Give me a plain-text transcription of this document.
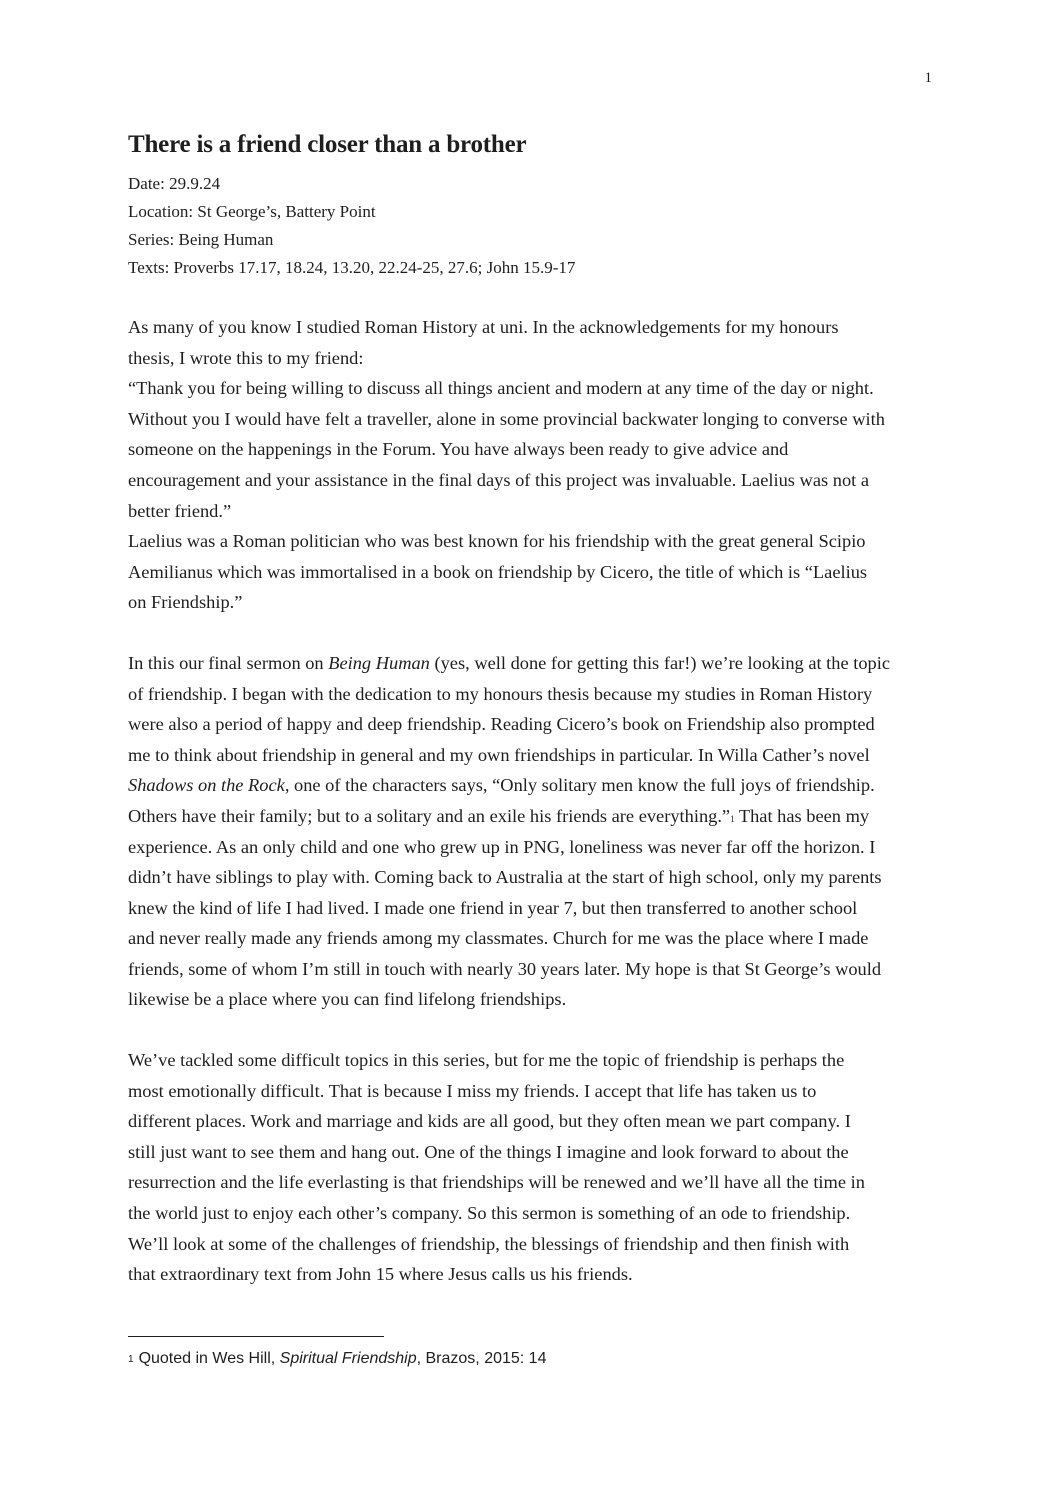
1
There is a friend closer than a brother
Date: 29.9.24
Location: St George’s, Battery Point
Series: Being Human
Texts: Proverbs 17.17, 18.24, 13.20, 22.24-25, 27.6; John 15.9-17
As many of you know I studied Roman History at uni. In the acknowledgements for my honours
thesis, I wrote this to my friend:
“Thank you for being willing to discuss all things ancient and modern at any time of the day or night.
Without you I would have felt a traveller, alone in some provincial backwater longing to converse with
someone on the happenings in the Forum. You have always been ready to give advice and
encouragement and your assistance in the final days of this project was invaluable. Laelius was not a
better friend.”
Laelius was a Roman politician who was best known for his friendship with the great general Scipio
Aemilianus which was immortalised in a book on friendship by Cicero, the title of which is “Laelius
on Friendship.”
In this our final sermon on Being Human (yes, well done for getting this far!) we’re looking at the topic
of friendship. I began with the dedication to my honours thesis because my studies in Roman History
were also a period of happy and deep friendship. Reading Cicero’s book on Friendship also prompted
me to think about friendship in general and my own friendships in particular. In Willa Cather’s novel
Shadows on the Rock, one of the characters says, “Only solitary men know the full joys of friendship.
Others have their family; but to a solitary and an exile his friends are everything.”$^1$ That has been my
experience. As an only child and one who grew up in PNG, loneliness was never far off the horizon. I
didn’t have siblings to play with. Coming back to Australia at the start of high school, only my parents
knew the kind of life I had lived. I made one friend in year 7, but then transferred to another school
and never really made any friends among my classmates. Church for me was the place where I made
friends, some of whom I’m still in touch with nearly 30 years later. My hope is that St George’s would
likewise be a place where you can find lifelong friendships.
We’ve tackled some difficult topics in this series, but for me the topic of friendship is perhaps the
most emotionally difficult. That is because I miss my friends. I accept that life has taken us to
different places. Work and marriage and kids are all good, but they often mean we part company. I
still just want to see them and hang out. One of the things I imagine and look forward to about the
resurrection and the life everlasting is that friendships will be renewed and we’ll have all the time in
the world just to enjoy each other’s company. So this sermon is something of an ode to friendship.
We’ll look at some of the challenges of friendship, the blessings of friendship and then finish with
that extraordinary text from John 15 where Jesus calls us his friends.
$^1$ Quoted in Wes Hill, Spiritual Friendship, Brazos, 2015: 14
